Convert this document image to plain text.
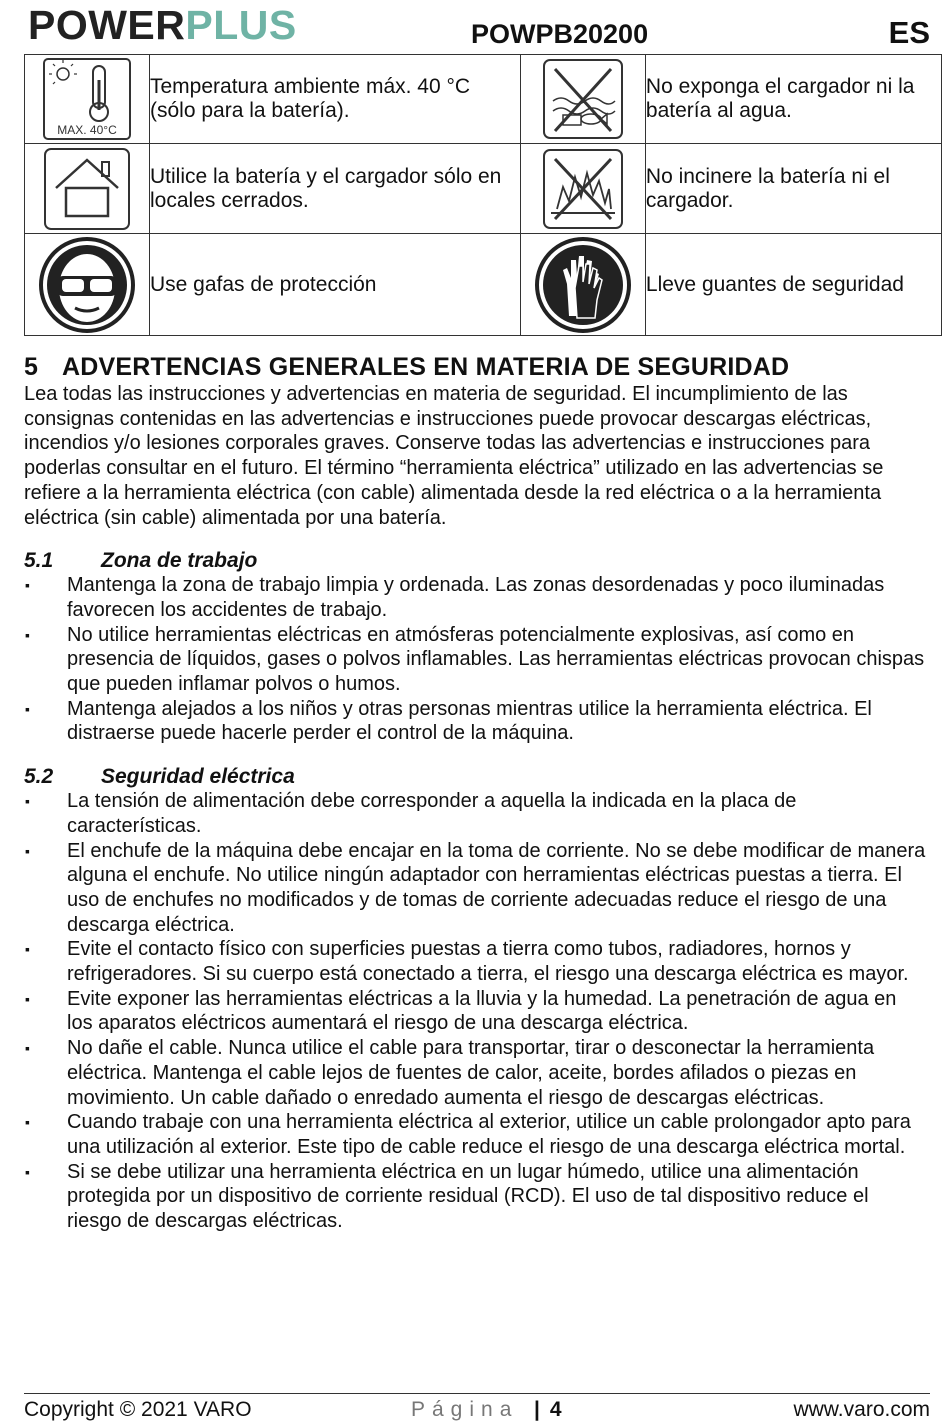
POWERPLUS	POWPB20200	ES
MAX. 40°C	Temperatura ambiente máx. 40 °C (sólo para la batería).		No exponga el cargador ni la batería al agua.

	Utilice la batería y el cargador sólo en locales cerrados.		No incinere la batería ni el cargador.

	Use gafas de protección		Lleve guantes de seguridad
5 ADVERTENCIAS GENERALES EN MATERIA DE SEGURIDAD

Lea todas las instrucciones y advertencias en materia de seguridad. El incumplimiento de las consignas contenidas en las advertencias e instrucciones puede provocar descargas eléctricas, incendios y/o lesiones corporales graves. Conserve todas las advertencias e instrucciones para poderlas consultar en el futuro. El término “herramienta eléctrica” utilizado en las advertencias se refiere a la herramienta eléctrica (con cable) alimentada desde la red eléctrica o a la herramienta eléctrica (sin cable) alimentada por una batería.

5.1 Zona de trabajo
▪ Mantenga la zona de trabajo limpia y ordenada. Las zonas desordenadas y poco iluminadas favorecen los accidentes de trabajo.
▪ No utilice herramientas eléctricas en atmósferas potencialmente explosivas, así como en presencia de líquidos, gases o polvos inflamables. Las herramientas eléctricas provocan chispas que pueden inflamar polvos o humos.
▪ Mantenga alejados a los niños y otras personas mientras utilice la herramienta eléctrica. El distraerse puede hacerle perder el control de la máquina.
5.2 Seguridad eléctrica
▪ La tensión de alimentación debe corresponder a aquella la indicada en la placa de características.
▪ El enchufe de la máquina debe encajar en la toma de corriente. No se debe modificar de manera alguna el enchufe. No utilice ningún adaptador con herramientas eléctricas puestas a tierra. El uso de enchufes no modificados y de tomas de corriente adecuadas reduce el riesgo de una descarga eléctrica.
▪ Evite el contacto físico con superficies puestas a tierra como tubos, radiadores, hornos y refrigeradores. Si su cuerpo está conectado a tierra, el riesgo una descarga eléctrica es mayor.
▪ Evite exponer las herramientas eléctricas a la lluvia y la humedad. La penetración de agua en los aparatos eléctricos aumentará el riesgo de una descarga eléctrica.
▪ No dañe el cable. Nunca utilice el cable para transportar, tirar o desconectar la herramienta eléctrica. Mantenga el cable lejos de fuentes de calor, aceite, bordes afilados o piezas en movimiento. Un cable dañado o enredado aumenta el riesgo de descargas eléctricas.
▪ Cuando trabaje con una herramienta eléctrica al exterior, utilice un cable prolongador apto para una utilización al exterior. Este tipo de cable reduce el riesgo de una descarga eléctrica mortal.
▪ Si se debe utilizar una herramienta eléctrica en un lugar húmedo, utilice una alimentación protegida por un dispositivo de corriente residual (RCD). El uso de tal dispositivo reduce el riesgo de descargas eléctricas.
Copyright © 2021 VARO	Página | 4	www.varo.com
